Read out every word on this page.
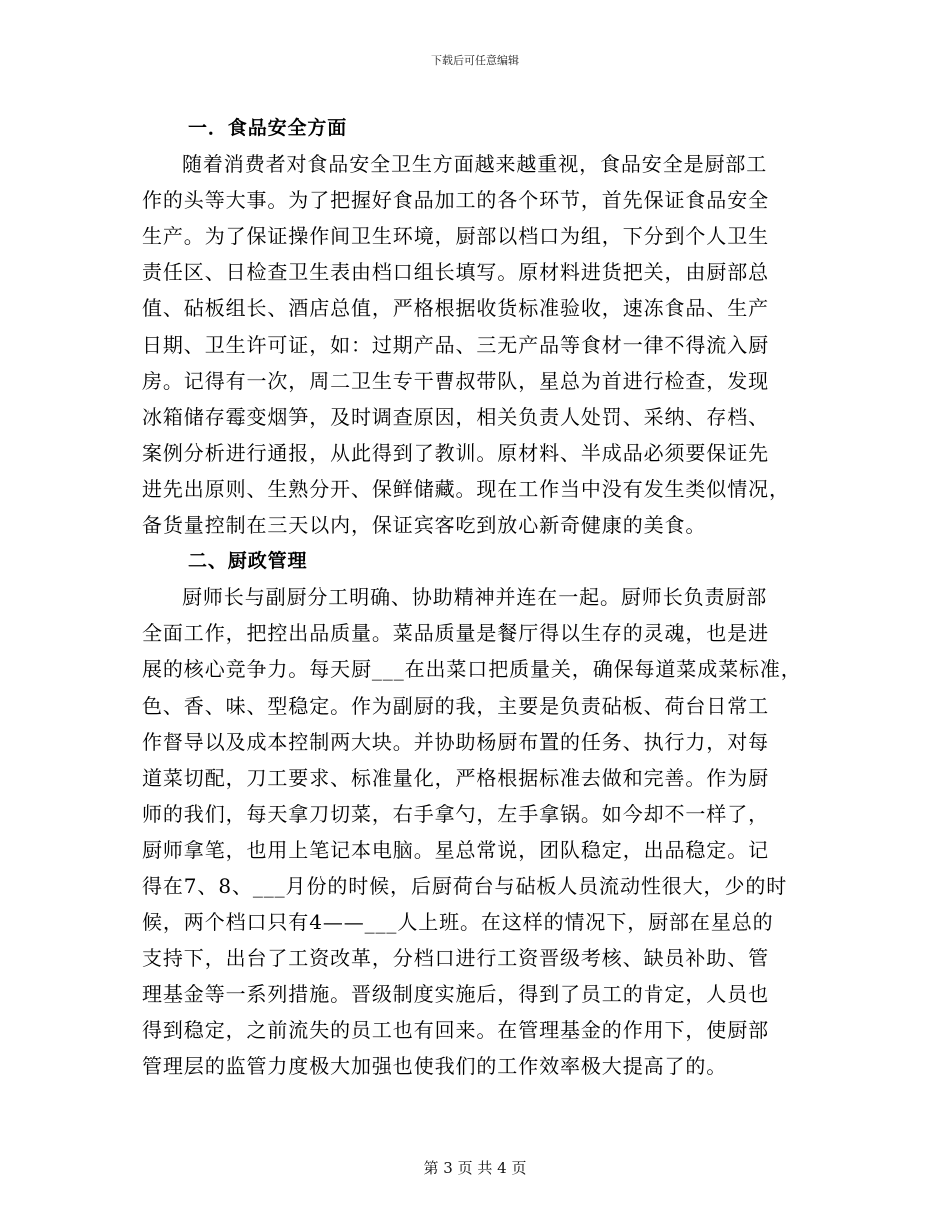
下载后可任意编辑
一．食品安全方面
随着消费者对食品安全卫生方面越来越重视，食品安全是厨部工
作的头等大事。为了把握好食品加工的各个环节，首先保证食品安全
生产。为了保证操作间卫生环境，厨部以档口为组，下分到个人卫生
责任区、日检查卫生表由档口组长填写。原材料进货把关，由厨部总
值、砧板组长、酒店总值，严格根据收货标准验收，速冻食品、生产
日期、卫生许可证，如：过期产品、三无产品等食材一律不得流入厨
房。记得有一次，周二卫生专干曹叔带队，星总为首进行检查，发现
冰箱储存霉变烟笋，及时调查原因，相关负责人处罚、采纳、存档、
案例分析进行通报，从此得到了教训。原材料、半成品必须要保证先
进先出原则、生熟分开、保鲜储藏。现在工作当中没有发生类似情况，
备货量控制在三天以内，保证宾客吃到放心新奇健康的美食。
二、厨政管理
厨师长与副厨分工明确、协助精神并连在一起。厨师长负责厨部
全面工作，把控出品质量。菜品质量是餐厅得以生存的灵魂，也是进
展的核心竞争力。每天厨___在出菜口把质量关，确保每道菜成菜标准，
色、香、味、型稳定。作为副厨的我，主要是负责砧板、荷台日常工
作督导以及成本控制两大块。并协助杨厨布置的任务、执行力，对每
道菜切配，刀工要求、标准量化，严格根据标准去做和完善。作为厨
师的我们，每天拿刀切菜，右手拿勺，左手拿锅。如今却不一样了，
厨师拿笔，也用上笔记本电脑。星总常说，团队稳定，出品稳定。记
得在7、8、___月份的时候，后厨荷台与砧板人员流动性很大，少的时
候，两个档口只有4——___人上班。在这样的情况下，厨部在星总的
支持下，出台了工资改革，分档口进行工资晋级考核、缺员补助、管
理基金等一系列措施。晋级制度实施后，得到了员工的肯定，人员也
得到稳定，之前流失的员工也有回来。在管理基金的作用下，使厨部
管理层的监管力度极大加强也使我们的工作效率极大提高了的。
第 3 页 共 4 页
